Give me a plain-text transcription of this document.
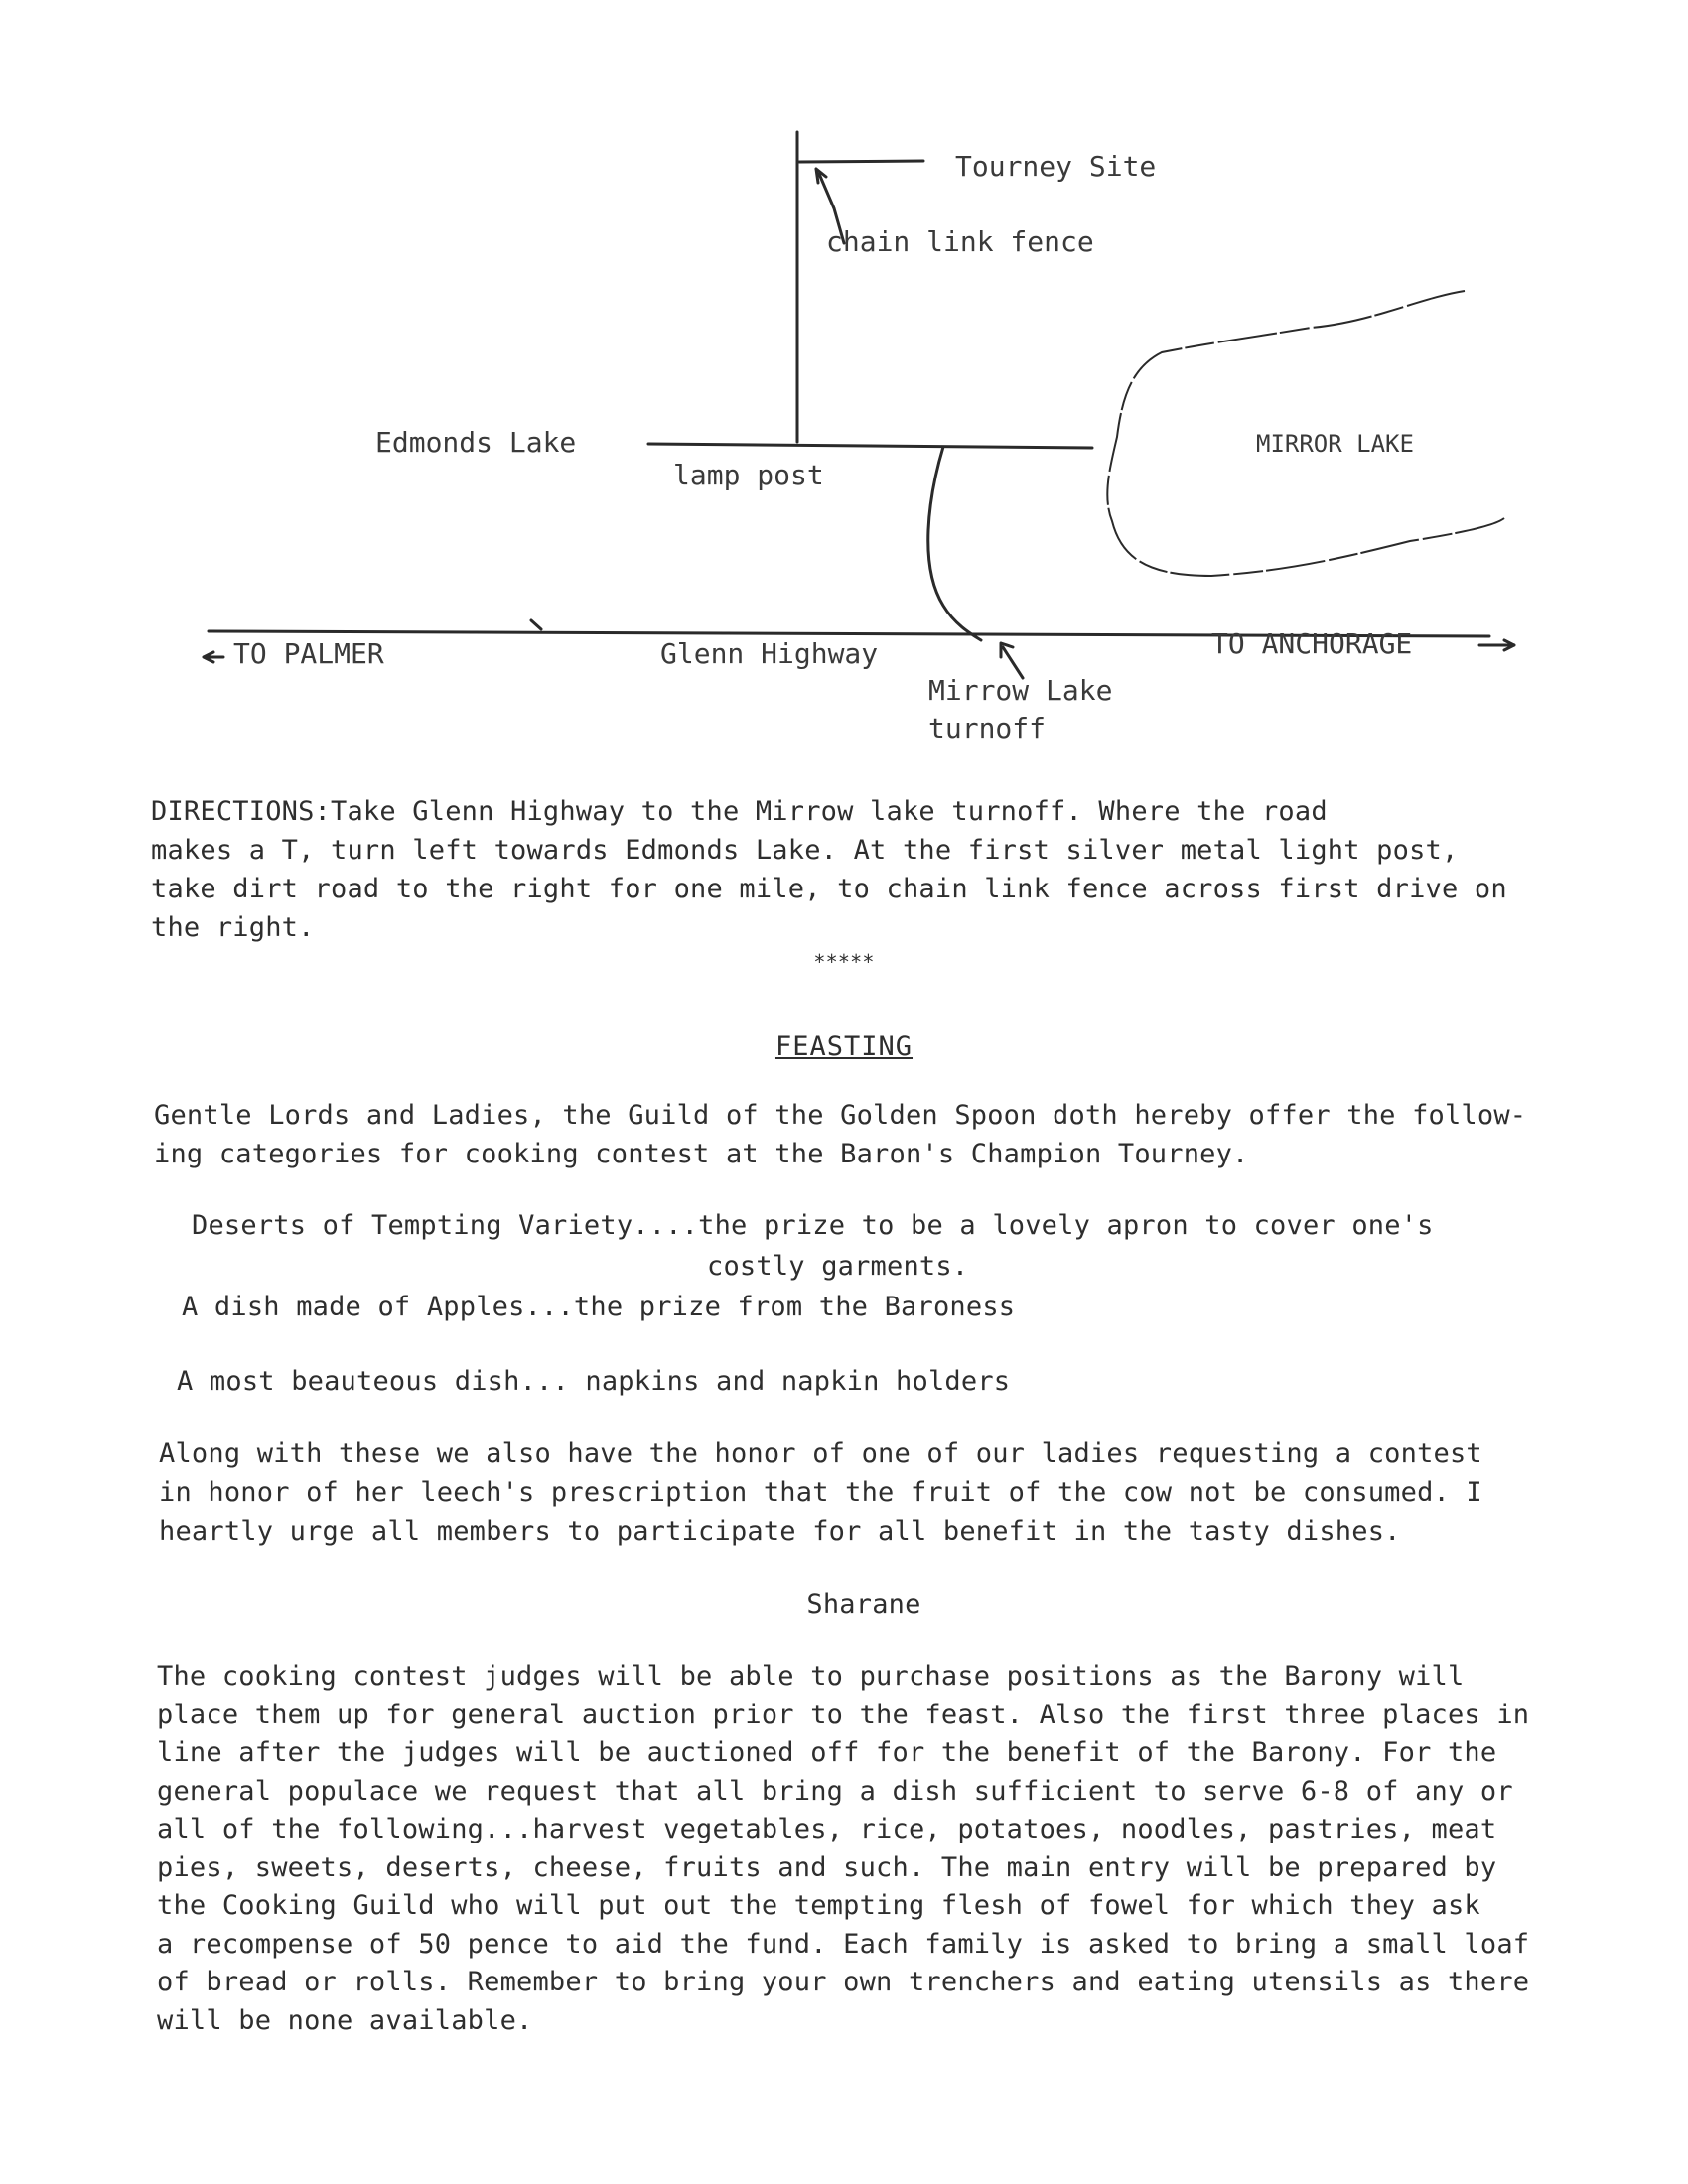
Tourney Site
chain link fence
Edmonds Lake
lamp post
MIRROR LAKE
TO PALMER	Glenn Highway	TO ANCHORAGE
Mirrow Lake
turnoff
DIRECTIONS:Take Glenn Highway to the Mirrow lake turnoff. Where the road
makes a T, turn left towards Edmonds Lake. At the first silver metal light post,
take dirt road to the right for one mile, to chain link fence across first drive on
the right.
*****
FEASTING
Gentle Lords and Ladies, the Guild of the Golden Spoon doth hereby offer the follow-
ing categories for cooking contest at the Baron's Champion Tourney.
Deserts of Tempting Variety....the prize to be a lovely apron to cover one's
costly garments.
A dish made of Apples...the prize from the Baroness
A most beauteous dish... napkins and napkin holders
Along with these we also have the honor of one of our ladies requesting a contest
in honor of her leech's prescription that the fruit of the cow not be consumed. I
heartly urge all members to participate for all benefit in the tasty dishes.
Sharane
The cooking contest judges will be able to purchase positions as the Barony will
place them up for general auction prior to the feast. Also the first three places in
line after the judges will be auctioned off for the benefit of the Barony. For the
general populace we request that all bring a dish sufficient to serve 6-8 of any or
all of the following...harvest vegetables, rice, potatoes, noodles, pastries, meat
pies, sweets, deserts, cheese, fruits and such. The main entry will be prepared by
the Cooking Guild who will put out the tempting flesh of fowel for which they ask
a recompense of 50 pence to aid the fund. Each family is asked to bring a small loaf
of bread or rolls. Remember to bring your own trenchers and eating utensils as there
will be none available.
